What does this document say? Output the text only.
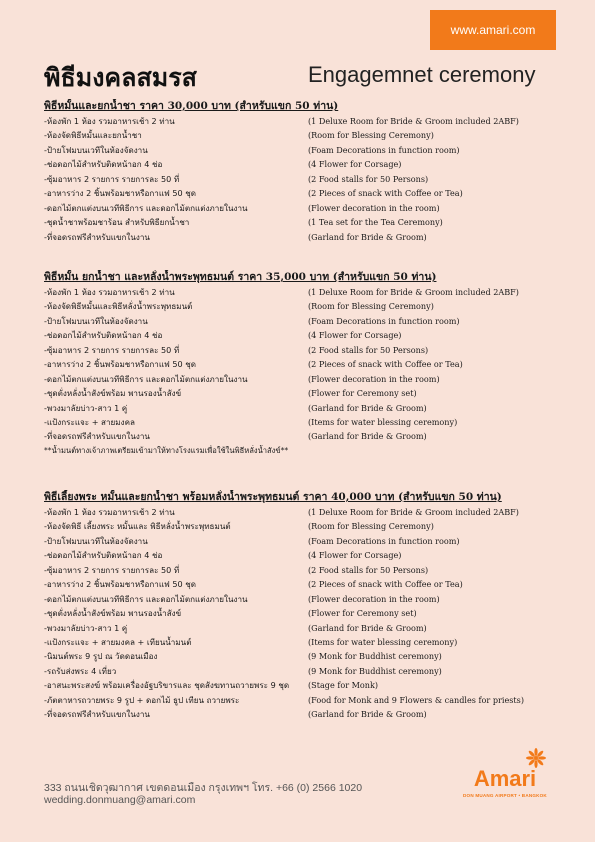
www.amari.com
พิธีมงคลสมรส	Engagemnet ceremony
พิธีหมั้นและยกน้ำชา ราคา 30,000 บาท (สำหรับแขก 50 ท่าน)
-ห้องพัก 1 ห้อง รวมอาหารเช้า 2 ท่าน	(1 Deluxe Room for Bride & Groom included 2ABF)
-ห้องจัดพิธีหมั้นและยกน้ำชา	(Room for Blessing Ceremony)
-ป้ายโฟมบนเวทีในห้องจัดงาน	(Foam Decorations in function room)
-ช่อดอกไม้สำหรับติดหน้าอก 4 ช่อ	(4 Flower for Corsage)
-ซุ้มอาหาร 2 รายการ รายการละ 50 ที่	(2 Food stalls for 50 Persons)
-อาหารว่าง 2 ชิ้นพร้อมชาหรือกาแฟ 50 ชุด	(2 Pieces of snack with Coffee or Tea)
-ดอกไม้ตกแต่งบนเวทีพิธีการ และดอกไม้ตกแต่งภายในงาน	(Flower decoration in the room)
-ชุดน้ำชาพร้อมชาร้อน สำหรับพิธียกน้ำชา	(1 Tea set for the Tea Ceremony)
-ที่จอดรถฟรีสำหรับแขกในงาน	(Garland for Bride & Groom)
พิธีหมั้น ยกน้ำชา และหลั่งน้ำพระพุทธมนต์ ราคา 35,000 บาท (สำหรับแขก 50 ท่าน)
-ห้องพัก 1 ห้อง รวมอาหารเช้า 2 ท่าน	(1 Deluxe Room for Bride & Groom included 2ABF)
-ห้องจัดพิธีหมั้นและพิธีหลั่งน้ำพระพุทธมนต์	(Room for Blessing Ceremony)
-ป้ายโฟมบนเวทีในห้องจัดงาน	(Foam Decorations in function room)
-ช่อดอกไม้สำหรับติดหน้าอก 4 ช่อ	(4 Flower for Corsage)
-ซุ้มอาหาร 2 รายการ รายการละ 50 ที่	(2 Food stalls for 50 Persons)
-อาหารว่าง 2 ชิ้นพร้อมชาหรือกาแฟ 50 ชุด	(2 Pieces of snack with Coffee or Tea)
-ดอกไม้ตกแต่งบนเวทีพิธีการ และดอกไม้ตกแต่งภายในงาน	(Flower decoration in the room)
-ชุดตั่งหลั่งน้ำสังข์พร้อม พานรองน้ำสังข์	(Flower for Ceremony set)
-พวงมาลัยบ่าว-สาว 1 คู่	(Garland for Bride & Groom)
-แป้งกระแจะ + สายมงคล	(Items for water blessing ceremony)
-ที่จอดรถฟรีสำหรับแขกในงาน	(Garland for Bride & Groom)
**น้ำมนต์ทางเจ้าภาพเตรียมเข้ามาให้ทางโรงแรมเพื่อใช้ในพิธีหลั่งน้ำสังข์**
พิธีเลี้ยงพระ หมั้นและยกน้ำชา พร้อมหลั่งน้ำพระพุทธมนต์ ราคา 40,000 บาท (สำหรับแขก 50 ท่าน)
-ห้องพัก 1 ห้อง รวมอาหารเช้า 2 ท่าน	(1 Deluxe Room for Bride & Groom included 2ABF)
-ห้องจัดพิธี เลี้ยงพระ หมั้นและ พิธีหลั่งน้ำพระพุทธมนต์	(Room for Blessing Ceremony)
-ป้ายโฟมบนเวทีในห้องจัดงาน	(Foam Decorations in function room)
-ช่อดอกไม้สำหรับติดหน้าอก 4 ช่อ	(4 Flower for Corsage)
-ซุ้มอาหาร 2 รายการ รายการละ 50 ที่	(2 Food stalls for 50 Persons)
-อาหารว่าง 2 ชิ้นพร้อมชาหรือกาแฟ 50 ชุด	(2 Pieces of snack with Coffee or Tea)
-ดอกไม้ตกแต่งบนเวทีพิธีการ และดอกไม้ตกแต่งภายในงาน	(Flower decoration in the room)
-ชุดตั่งหลั่งน้ำสังข์พร้อม พานรองน้ำสังข์	(Flower for Ceremony set)
-พวงมาลัยบ่าว-สาว 1 คู่	(Garland for Bride & Groom)
-แป้งกระแจะ + สายมงคล + เทียนน้ำมนต์	(Items for water blessing ceremony)
-นิมนต์พระ 9 รูป ณ วัดดอนเมือง	(9 Monk for Buddhist ceremony)
-รถรับส่งพระ 4 เที่ยว	(9 Monk for Buddhist ceremony)
-อาสนะพระสงฆ์ พร้อมเครื่องอัฐบริขารและ ชุดสังฆทานถวายพระ 9 ชุด (Stage for Monk)
-ภัตตาหารถวายพระ 9 รูป + ดอกไม้ ธูป เทียน ถวายพระ	(Food for Monk and 9 Flowers & candles for priests)
-ที่จอดรถฟรีสำหรับแขกในงาน	(Garland for Bride & Groom)
333 ถนนเชิดวุฒากาศ เขตดอนเมือง กรุงเทพฯ โทร. +66 (0) 2566 1020
wedding.donmuang@amari.com
Amari
DON MUANG AIRPORT • BANGKOK
